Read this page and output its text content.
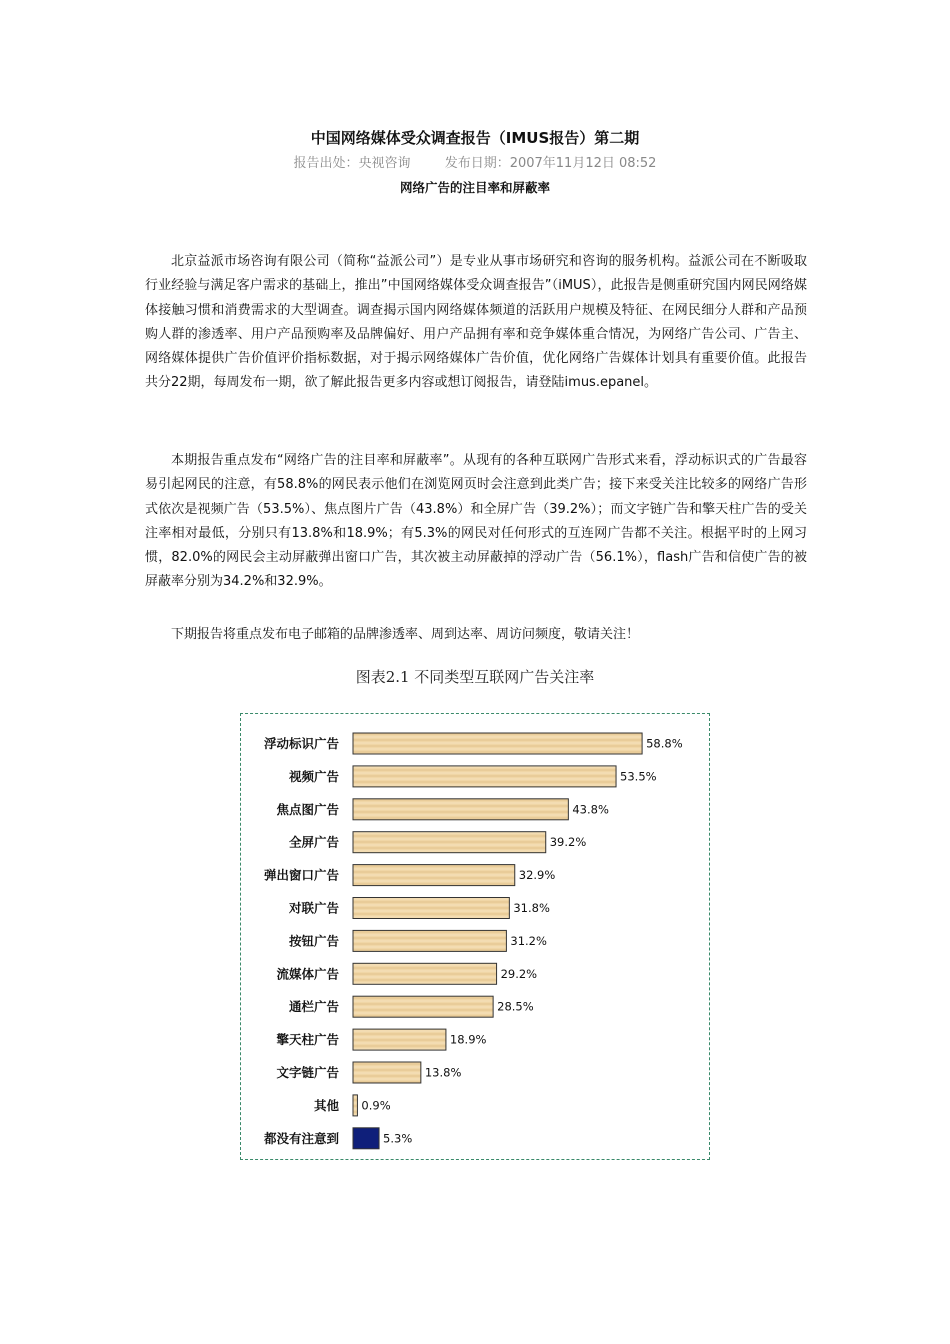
中国网络媒体受众调查报告（IMUS报告）第二期
报告出处：央视咨询	发布日期：2007年11月12日 08:52
网络广告的注目率和屏蔽率

北京益派市场咨询有限公司（简称“益派公司”）是专业从事市场研究和咨询的服务机构。益派公司在不断吸取行业经验与满足客户需求的基础上，推出”中国网络媒体受众调查报告”（iMUS），此报告是侧重研究国内网民网络媒体接触习惯和消费需求的大型调查。调查揭示国内网络媒体频道的活跃用户规模及特征、在网民细分人群和产品预购人群的渗透率、用户产品预购率及品牌偏好、用户产品拥有率和竞争媒体重合情况，为网络广告公司、广告主、网络媒体提供广告价值评价指标数据，对于揭示网络媒体广告价值，优化网络广告媒体计划具有重要价值。此报告共分22期，每周发布一期，欲了解此报告更多内容或想订阅报告，请登陆imus.epanel。

本期报告重点发布“网络广告的注目率和屏蔽率”。从现有的各种互联网广告形式来看，浮动标识式的广告最容易引起网民的注意，有58.8%的网民表示他们在浏览网页时会注意到此类广告；接下来受关注比较多的网络广告形式依次是视频广告（53.5%）、焦点图片广告（43.8%）和全屏广告（39.2%）；而文字链广告和擎天柱广告的受关注率相对最低，分别只有13.8%和18.9%；有5.3%的网民对任何形式的互连网广告都不关注。根据平时的上网习惯，82.0%的网民会主动屏蔽弹出窗口广告，其次被主动屏蔽掉的浮动广告（56.1%），flash广告和信使广告的被屏蔽率分别为34.2%和32.9%。

下期报告将重点发布电子邮箱的品牌渗透率、周到达率、周访问频度，敬请关注！

图表2.1 不同类型互联网广告关注率
浮动标识广告	58.8%
视频广告	53.5%
焦点图广告	43.8%
全屏广告	39.2%
弹出窗口广告	32.9%
对联广告	31.8%
按钮广告	31.2%
流媒体广告	29.2%
通栏广告	28.5%
擎天柱广告	18.9%
文字链广告	13.8%
其他 0.9%
都没有注意到	5.3%
